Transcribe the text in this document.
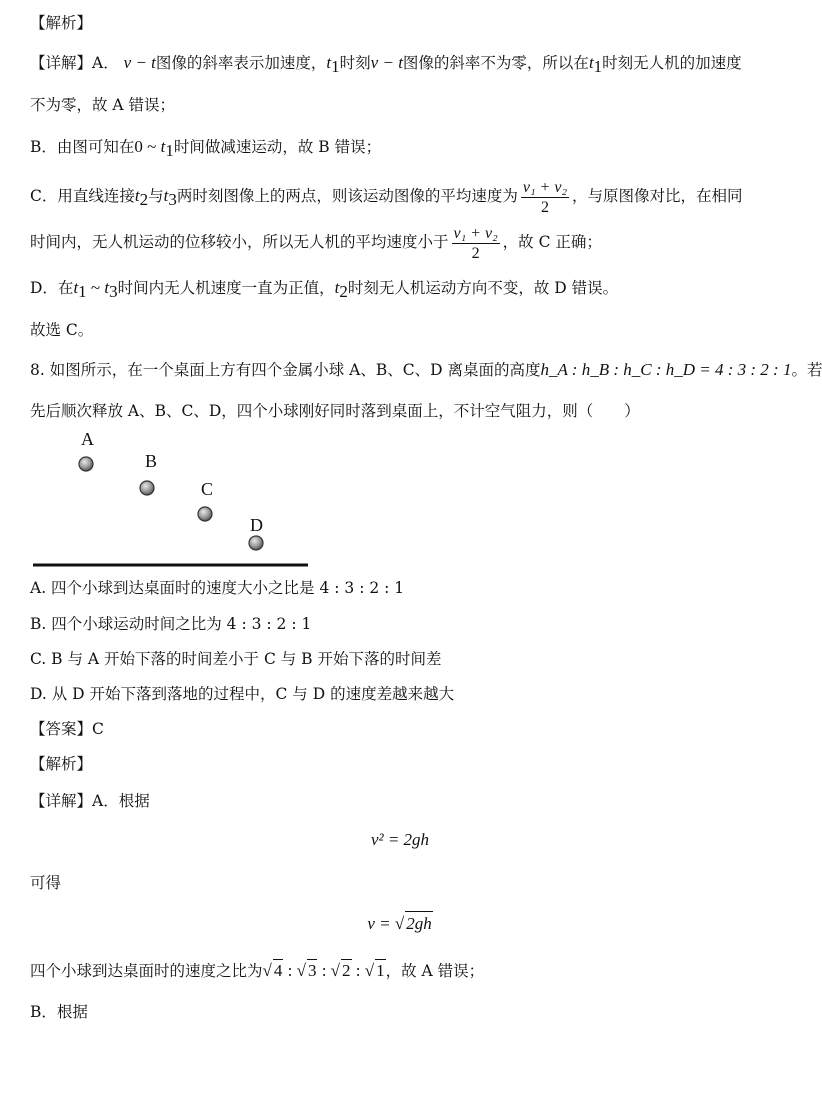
【解析】
【详解】A． v − t图像的斜率表示加速度，$t_1$时刻v − t图像的斜率不为零，所以在$t_1$时刻无人机的加速度
不为零，故 A 错误；
B．由图可知在0 ~ $t_1$时间做减速运动，故 B 错误；
C．用直线连接$t_2$与$t_3$两时刻图像上的两点，则该运动图像的平均速度为 $\frac{\text{v₁ + v₂}}{2}$ ，与原图像对比，在相同
时间内，无人机运动的位移较小，所以无人机的平均速度小于 $\frac{\text{v₁ + v₂}}{2}$ ，故 C 正确；
D．在$t_1$ ~ $t_3$时间内无人机速度一直为正值，$t_2$时刻无人机运动方向不变，故 D 错误。
故选 C。
8. 如图所示，在一个桌面上方有四个金属小球 A、B、C、D 离桌面的高度h_A : h_B : h_C : h_D = 4 : 3 : 2 : 1。若
先后顺次释放 A、B、C、D，四个小球刚好同时落到桌面上，不计空气阻力，则（　　）
A
B
C
D
A. 四个小球到达桌面时的速度大小之比是 4 : 3 : 2 : 1
B. 四个小球运动时间之比为 4 : 3 : 2 : 1
C. B 与 A 开始下落的时间差小于 C 与 B 开始下落的时间差
D. 从 D 开始下落到落地的过程中，C 与 D 的速度差越来越大
【答案】C
【解析】
【详解】A．根据
v² = 2gh
可得
v = √ 2gh
四个小球到达桌面时的速度之比为√ 4 : √ 3 : √ 2 : √ 1，故 A 错误；
B．根据
